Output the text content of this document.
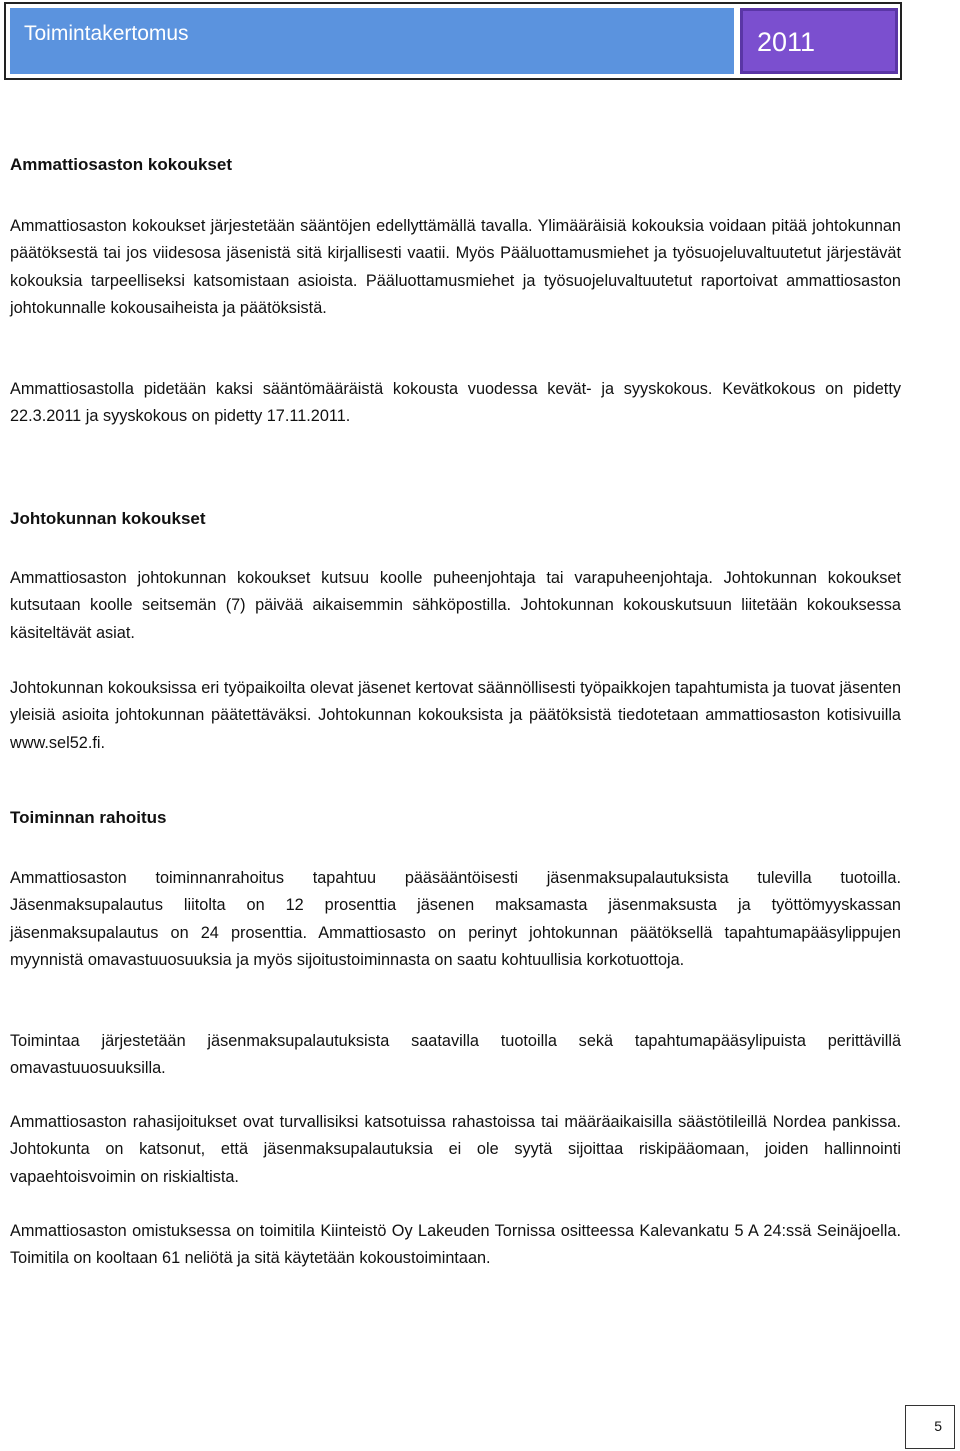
Toimintakertomus	2011
Ammattiosaston kokoukset

Ammattiosaston kokoukset järjestetään sääntöjen edellyttämällä tavalla. Ylimääräisiä kokouksia voidaan pitää johtokunnan päätöksestä tai jos viidesosa jäsenistä sitä kirjallisesti vaatii. Myös Pääluottamusmiehet ja työsuojeluvaltuutetut järjestävät kokouksia tarpeelliseksi katsomistaan asioista. Pääluottamusmiehet ja työsuojeluvaltuutetut raportoivat ammattiosaston johtokunnalle kokousaiheista ja päätöksistä.

Ammattiosastolla pidetään kaksi sääntömääräistä kokousta vuodessa kevät- ja syyskokous. Kevätkokous on pidetty 22.3.2011 ja syyskokous on pidetty 17.11.2011.

Johtokunnan kokoukset

Ammattiosaston johtokunnan kokoukset kutsuu koolle puheenjohtaja tai varapuheenjohtaja. Johtokunnan kokoukset kutsutaan koolle seitsemän (7) päivää aikaisemmin sähköpostilla. Johtokunnan kokouskutsuun liitetään kokouksessa käsiteltävät asiat.

Johtokunnan kokouksissa eri työpaikoilta olevat jäsenet kertovat säännöllisesti työpaikkojen tapahtumista ja tuovat jäsenten yleisiä asioita johtokunnan päätettäväksi. Johtokunnan kokouksista ja päätöksistä tiedotetaan ammattiosaston kotisivuilla www.sel52.fi.

Toiminnan rahoitus

Ammattiosaston toiminnanrahoitus tapahtuu pääsääntöisesti jäsenmaksupalautuksista tulevilla tuotoilla. Jäsenmaksupalautus liitolta on 12 prosenttia jäsenen maksamasta jäsenmaksusta ja työttömyyskassan jäsenmaksupalautus on 24 prosenttia. Ammattiosasto on perinyt johtokunnan päätöksellä tapahtumapääsylippujen myynnistä omavastuuosuuksia ja myös sijoitustoiminnasta on saatu kohtuullisia korkotuottoja.

Toimintaa järjestetään jäsenmaksupalautuksista saatavilla tuotoilla sekä tapahtumapääsylipuista perittävillä omavastuuosuuksilla.

Ammattiosaston rahasijoitukset ovat turvallisiksi katsotuissa rahastoissa tai määräaikaisilla säästötileillä Nordea pankissa. Johtokunta on katsonut, että jäsenmaksupalautuksia ei ole syytä sijoittaa riskipääomaan, joiden hallinnointi vapaehtoisvoimin on riskialtista.

Ammattiosaston omistuksessa on toimitila Kiinteistö Oy Lakeuden Tornissa ositteessa Kalevankatu 5 A 24:ssä Seinäjoella. Toimitila on kooltaan 61 neliötä ja sitä käytetään kokoustoimintaan.

5
